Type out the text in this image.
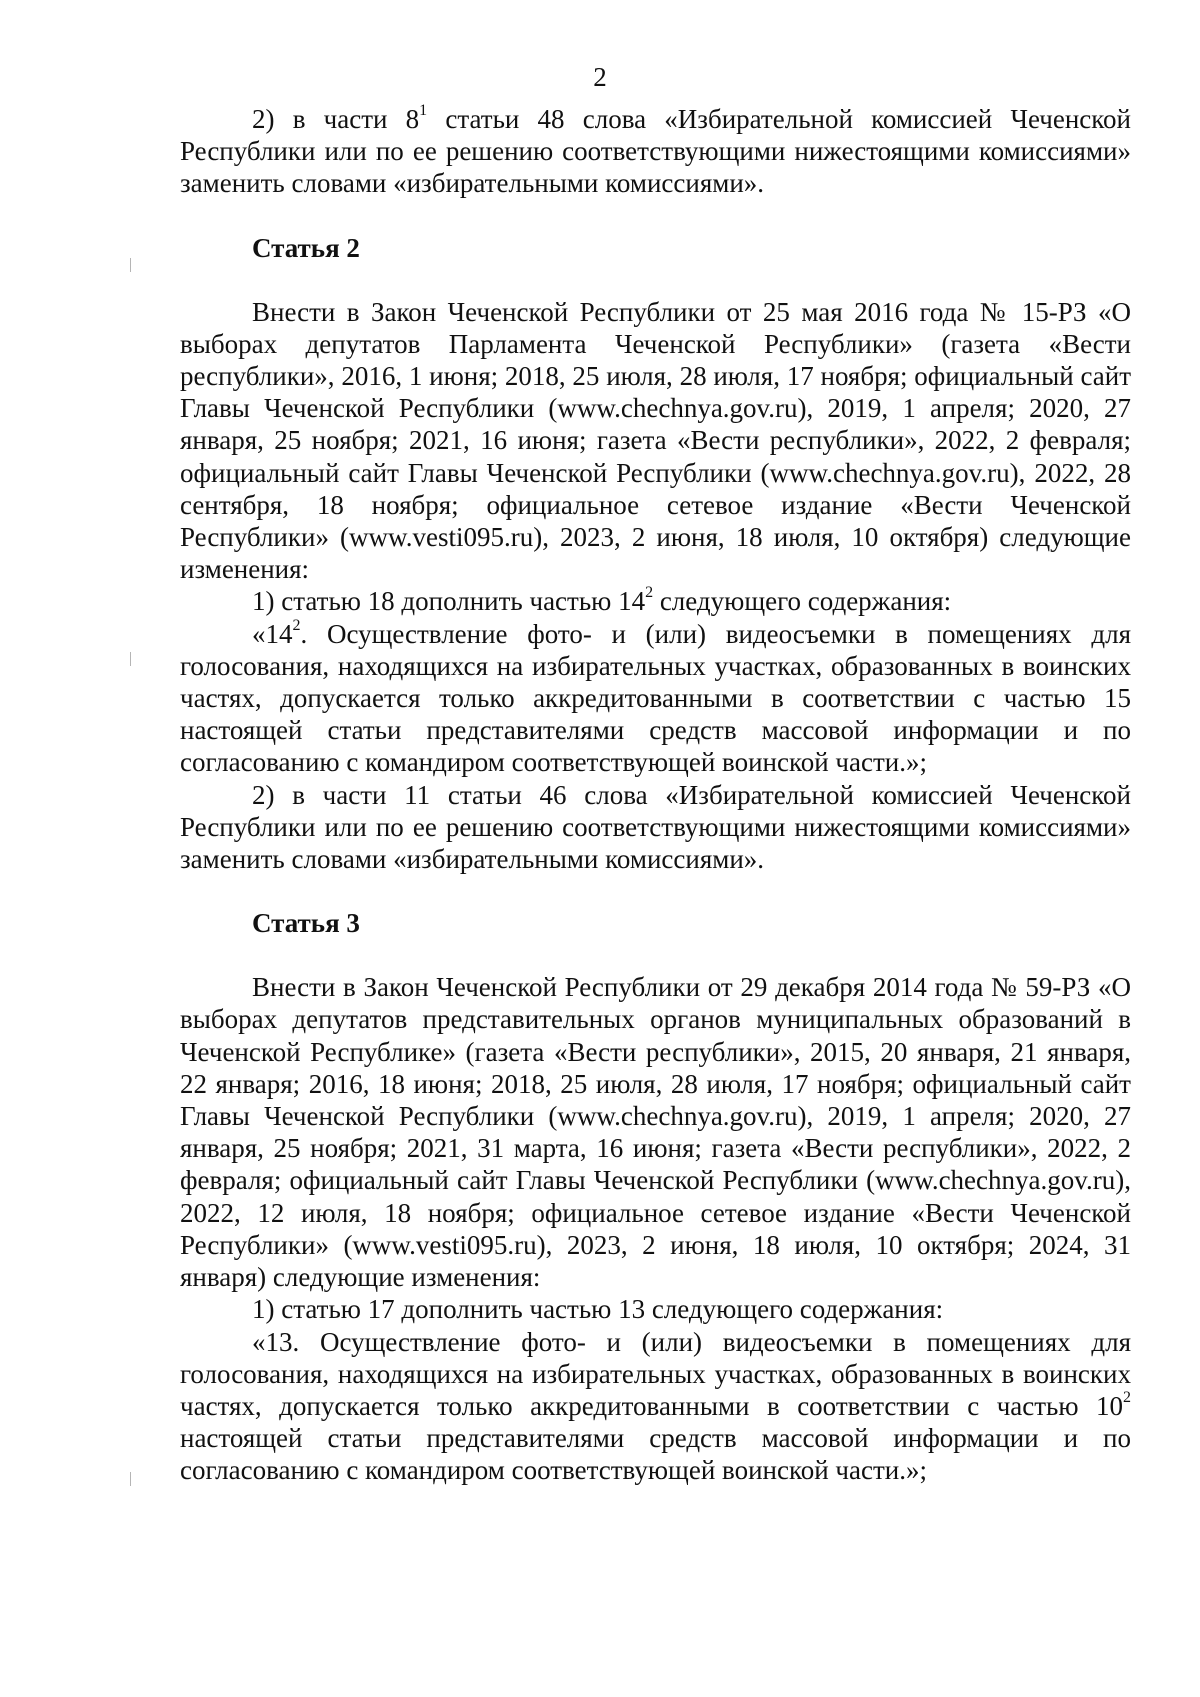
2

2) в части $8^1$ статьи 48 слова «Избирательной комиссией Чеченской Республики или по ее решению соответствующими нижестоящими комиссиями» заменить словами «избирательными комиссиями».

Статья 2

Внести в Закон Чеченской Республики от 25 мая 2016 года № 15-РЗ «О выборах депутатов Парламента Чеченской Республики» (газета «Вести республики», 2016, 1 июня; 2018, 25 июля, 28 июля, 17 ноября; официальный сайт Главы Чеченской Республики (www.chechnya.gov.ru), 2019, 1 апреля; 2020, 27 января, 25 ноября; 2021, 16 июня; газета «Вести республики», 2022, 2 февраля; официальный сайт Главы Чеченской Республики (www.chechnya.gov.ru), 2022, 28 сентября, 18 ноября; официальное сетевое издание «Вести Чеченской Республики» (www.vesti095.ru), 2023, 2 июня, 18 июля, 10 октября) следующие изменения:

1) статью 18 дополнить частью $14^2$ следующего содержания:

«$14^2$. Осуществление фото- и (или) видеосъемки в помещениях для голосования, находящихся на избирательных участках, образованных в воинских частях, допускается только аккредитованными в соответствии с частью 15 настоящей статьи представителями средств массовой информации и по согласованию с командиром соответствующей воинской части.»;

2) в части 11 статьи 46 слова «Избирательной комиссией Чеченской Республики или по ее решению соответствующими нижестоящими комиссиями» заменить словами «избирательными комиссиями».

Статья 3

Внести в Закон Чеченской Республики от 29 декабря 2014 года № 59-РЗ «О выборах депутатов представительных органов муниципальных образований в Чеченской Республике» (газета «Вести республики», 2015, 20 января, 21 января, 22 января; 2016, 18 июня; 2018, 25 июля, 28 июля, 17 ноября; официальный сайт Главы Чеченской Республики (www.chechnya.gov.ru), 2019, 1 апреля; 2020, 27 января, 25 ноября; 2021, 31 марта, 16 июня; газета «Вести республики», 2022, 2 февраля; официальный сайт Главы Чеченской Республики (www.chechnya.gov.ru), 2022, 12 июля, 18 ноября; официальное сетевое издание «Вести Чеченской Республики» (www.vesti095.ru), 2023, 2 июня, 18 июля, 10 октября; 2024, 31 января) следующие изменения:

1) статью 17 дополнить частью 13 следующего содержания:

«13. Осуществление фото- и (или) видеосъемки в помещениях для голосования, находящихся на избирательных участках, образованных в воинских частях, допускается только аккредитованными в соответствии с частью $10^2$ настоящей статьи представителями средств массовой информации и по согласованию с командиром соответствующей воинской части.»;
